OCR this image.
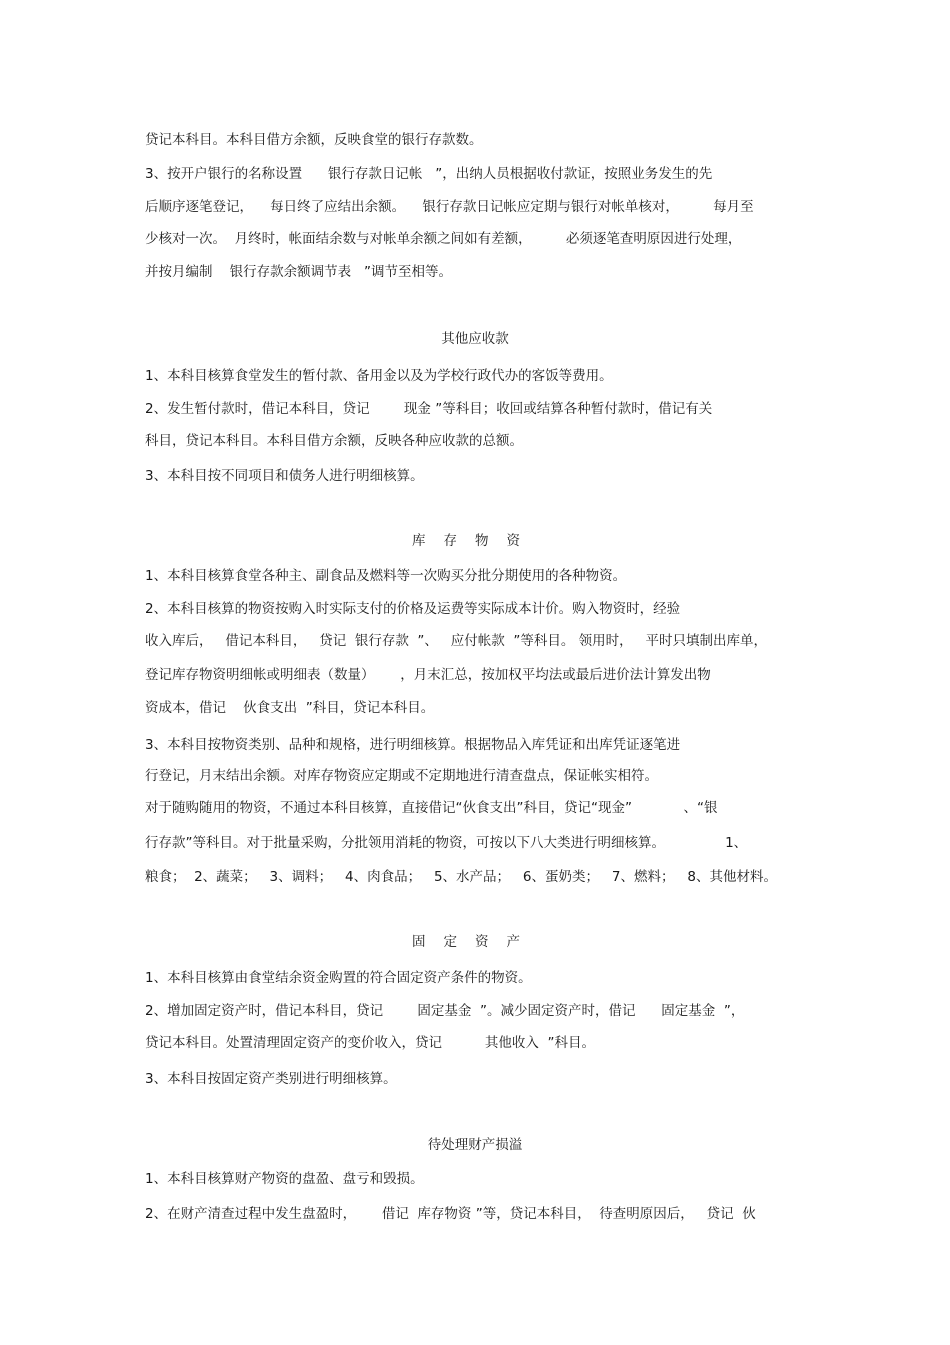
贷记本科目。本科目借方余额，反映食堂的银行存款数。
3、按开户银行的名称设置      银行存款日记帐   ”，出纳人员根据收付款证，按照业务发生的先
后顺序逐笔登记，    每日终了应结出余额。    银行存款日记帐应定期与银行对帐单核对，        每月至
少核对一次。  月终时，帐面结余数与对帐单余额之间如有差额，        必须逐笔查明原因进行处理，
并按月编制    银行存款余额调节表   ”调节至相等。
其他应收款
1、本科目核算食堂发生的暂付款、备用金以及为学校行政代办的客饭等费用。
2、发生暂付款时，借记本科目，贷记        现金 ”等科目；收回或结算各种暂付款时，借记有关
科目，贷记本科目。本科目借方余额，反映各种应收款的总额。
3、本科目按不同项目和债务人进行明细核算。
库存物资
1、本科目核算食堂各种主、副食品及燃料等一次购买分批分期使用的各种物资。
2、本科目核算的物资按购入时实际支付的价格及运费等实际成本计价。购入物资时，经验
收入库后，   借记本科目，   贷记  银行存款  ”、   应付帐款  ”等科目。 领用时，   平时只填制出库单，
登记库存物资明细帐或明细表（数量）      ，月末汇总，按加权平均法或最后进价法计算发出物
资成本，借记    伙食支出  ”科目，贷记本科目。
3、本科目按物资类别、品种和规格，进行明细核算。根据物品入库凭证和出库凭证逐笔进
行登记，月末结出余额。对库存物资应定期或不定期地进行清查盘点，保证帐实相符。
对于随购随用的物资，不通过本科目核算，直接借记“伙食支出”科目，贷记“现金”            、“银
行存款”等科目。对于批量采购，分批领用消耗的物资，可按以下八大类进行明细核算。              1、
粮食；  2、蔬菜；   3、调料；   4、肉食品；   5、水产品；   6、蛋奶类；   7、燃料；   8、其他材料。
固定资产
1、本科目核算由食堂结余资金购置的符合固定资产条件的物资。
2、增加固定资产时，借记本科目，贷记        固定基金  ”。减少固定资产时，借记      固定基金  ”，
贷记本科目。处置清理固定资产的变价收入，贷记          其他收入  ”科目。
3、本科目按固定资产类别进行明细核算。
待处理财产损溢
1、本科目核算财产物资的盘盈、盘亏和毁损。
2、在财产清查过程中发生盘盈时，      借记  库存物资 ”等，贷记本科目，  待查明原因后，   贷记  伙
